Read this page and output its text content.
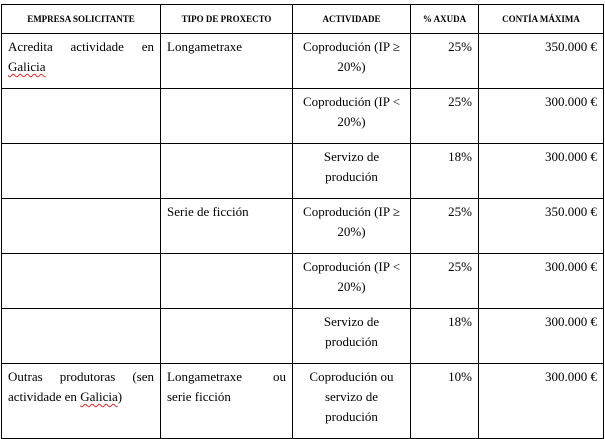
EMPRESA SOLICITANTE	TIPO DE PROXECTO	ACTIVIDADE	% AXUDA	CONTÍA MÁXIMA
Acredita actividade en Galicia	Longametraxe	Coprodución (IP ≥ 20%)	25%	350.000 €
		Coprodución (IP < 20%)	25%	300.000 €
		Servizo de produción	18%	300.000 €
	Serie de ficción	Coprodución (IP ≥ 20%)	25%	350.000 €
		Coprodución (IP < 20%)	25%	300.000 €
		Servizo de produción	18%	300.000 €
Outras produtoras (sen actividade en Galicia)	Longametraxe ou serie ficción	Coprodución ou servizo de produción	10%	300.000 €
